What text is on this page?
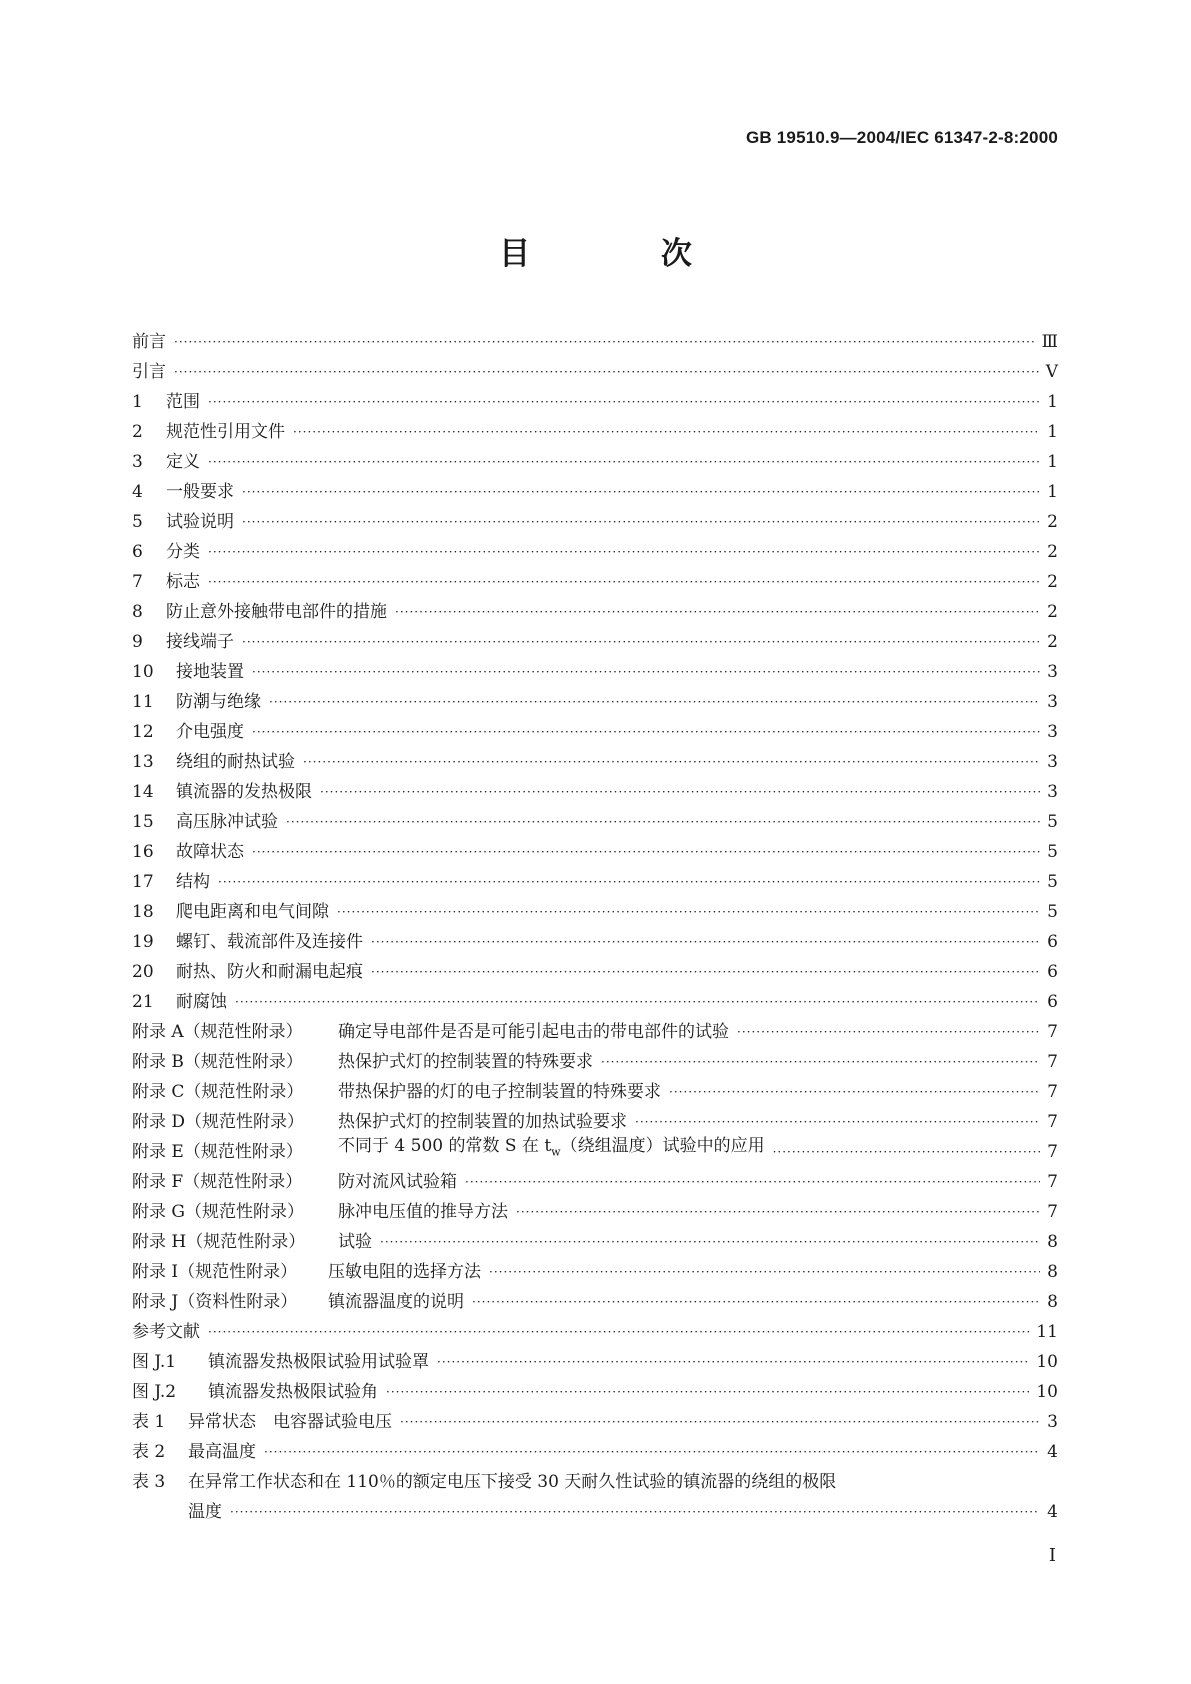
GB 19510.9—2004/IEC 61347-2-8:2000
目 次
前言 ·····	Ⅲ
引言 ·····	Ⅴ
1	范围 ·····	1
2	规范性引用文件 ·····	1
3	定义 ·····	1
4	一般要求 ·····	1
5	试验说明 ·····	2
6	分类 ·····	2
7	标志 ·····	2
8	防止意外接触带电部件的措施 ·····	2
9	接线端子 ·····	2
10	接地装置 ·····	3
11	防潮与绝缘 ·····	3
12	介电强度 ·····	3
13	绕组的耐热试验 ·····	3
14	镇流器的发热极限 ·····	3
15	高压脉冲试验 ·····	5
16	故障状态 ·····	5
17	结构 ·····	5
18	爬电距离和电气间隙 ·····	5
19	螺钉、载流部件及连接件 ·····	6
20	耐热、防火和耐漏电起痕 ·····	6
21	耐腐蚀 ·····	6
附录 A（规范性附录）	确定导电部件是否是可能引起电击的带电部件的试验 ·····	7
附录 B（规范性附录）	热保护式灯的控制装置的特殊要求 ·····	7
附录 C（规范性附录）	带热保护器的灯的电子控制装置的特殊要求 ·····	7
附录 D（规范性附录）	热保护式灯的控制装置的加热试验要求 ·····	7
附录 E（规范性附录）	不同于 4 500 的常数 S 在 $t_w$（绕组温度）试验中的应用 ·····	7
附录 F（规范性附录）	防对流风试验箱 ·····	7
附录 G（规范性附录）	脉冲电压值的推导方法 ·····	7
附录 H（规范性附录）	试验 ·····	8
附录 I（规范性附录）	压敏电阻的选择方法 ·····	8
附录 J（资料性附录）	镇流器温度的说明 ·····	8
参考文献 ·····	11
图 J.1	镇流器发热极限试验用试验罩 ·····	10
图 J.2	镇流器发热极限试验角 ·····	10
表 1	异常状态　电容器试验电压 ·····	3
表 2	最高温度 ·····	4
表 3 在异常工作状态和在 110％的额定电压下接受 30 天耐久性试验的镇流器的绕组的极限
温度 ·····	4
I
